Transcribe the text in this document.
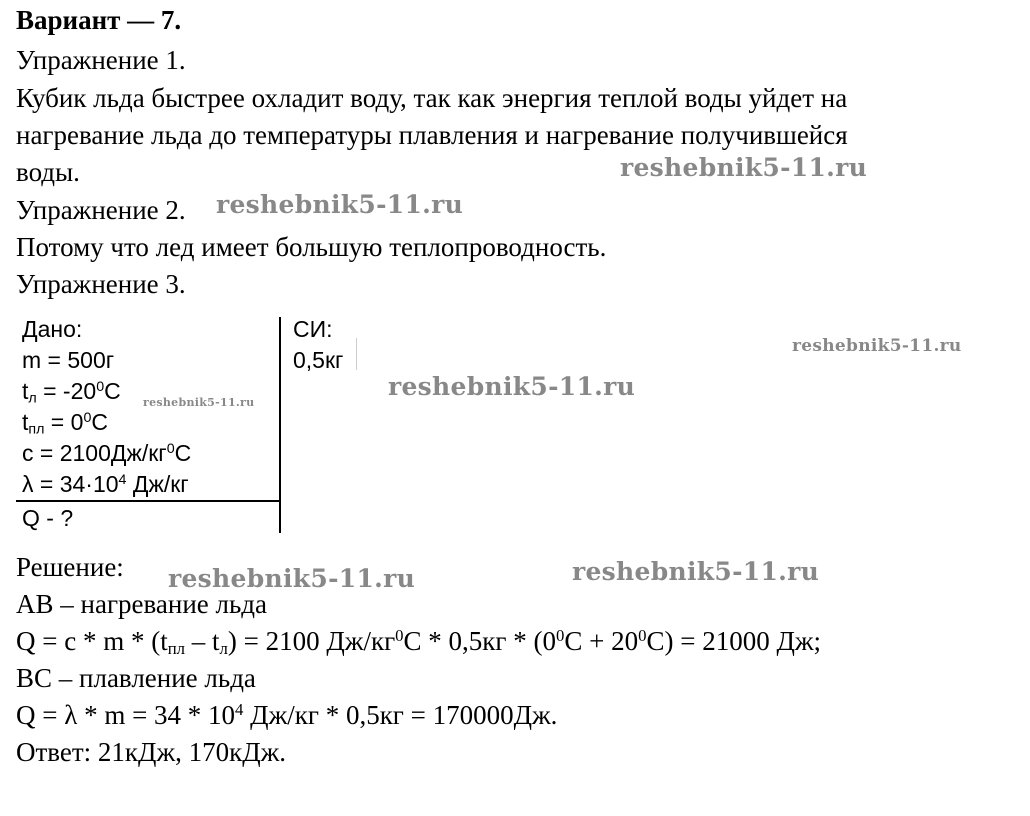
Вариант — 7.
Упражнение 1.
Кубик льда быстрее охладит воду, так как энергия теплой воды уйдет на
нагревание льда до температуры плавления и нагревание получившейся
воды.
Упражнение 2.
Потому что лед имеет большую теплопроводность.
Упражнение 3.
Дано:
m = 500г
$t_л = -20^0C$
$t_{пл} = 0^0C$
$c = 2100Дж/кг^0C$
$\lambda = 34\cdot 10^4$ Дж/кг
Q - ?
СИ:
0,5кг
Решение:
АВ – нагревание льда
$Q = c * m * (t_{пл} - t_л) = 2100$ $Дж/кг^0С * 0,5кг * (0^0С + 20^0С) = 21000$ Дж;
ВС – плавление льда
$Q = \lambda * m = 34 * 10^4$ Дж/кг * 0,5кг = 170000Дж.
Ответ: 21кДж, 170кДж.
reshebnik5-11.ru
reshebnik5-11.ru
reshebnik5-11.ru
reshebnik5-11.ru
reshebnik5-11.ru
reshebnik5-11.ru	reshebnik5-11.ru
